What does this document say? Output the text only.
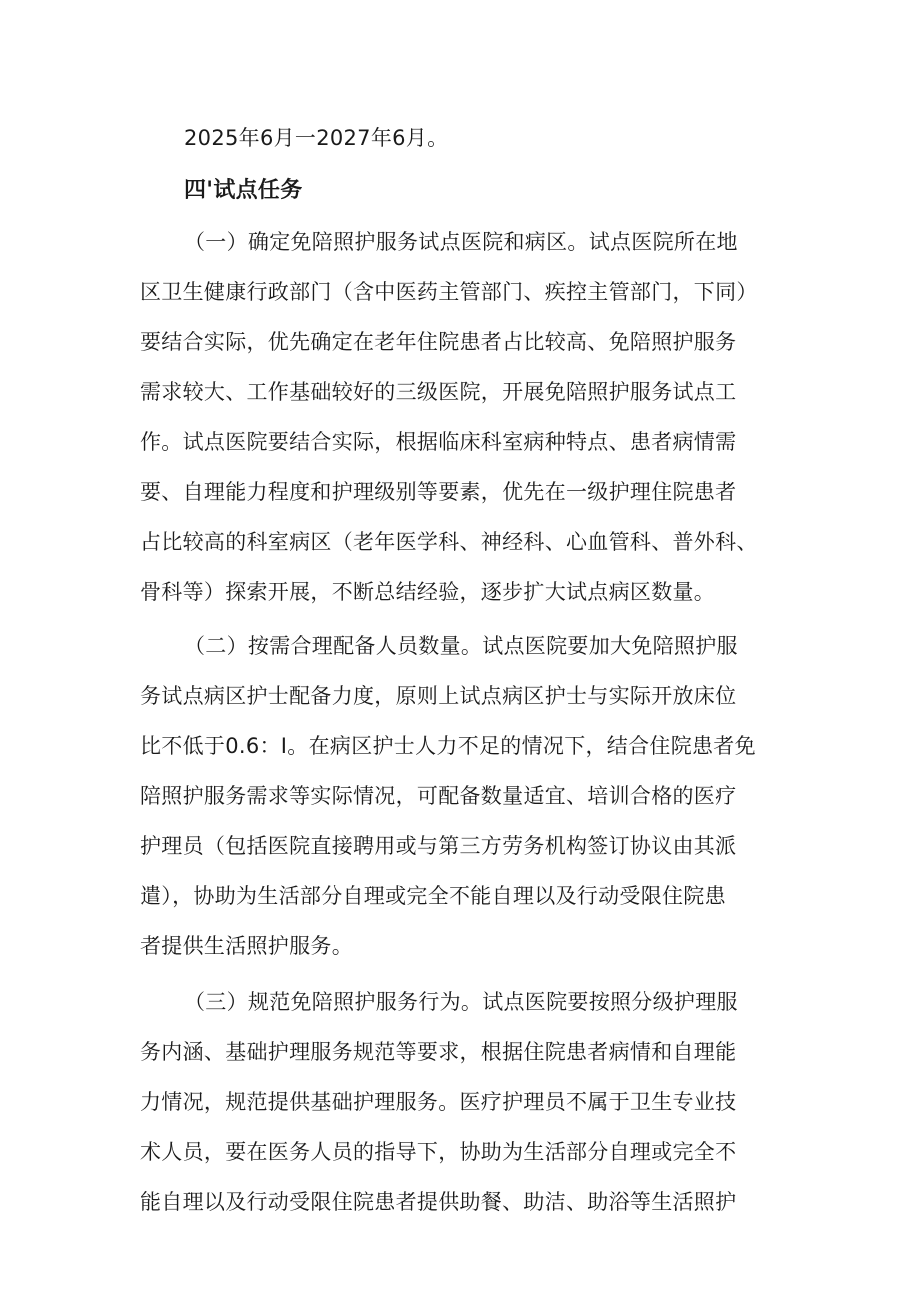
2025年6月一2027年6月。
四'试点任务
（一）确定免陪照护服务试点医院和病区。试点医院所在地
区卫生健康行政部门（含中医药主管部门、疾控主管部门，下同）
要结合实际，优先确定在老年住院患者占比较高、免陪照护服务
需求较大、工作基础较好的三级医院，开展免陪照护服务试点工
作。试点医院要结合实际，根据临床科室病种特点、患者病情需
要、自理能力程度和护理级别等要素，优先在一级护理住院患者
占比较高的科室病区（老年医学科、神经科、心血管科、普外科、
骨科等）探索开展，不断总结经验，逐步扩大试点病区数量。
（二）按需合理配备人员数量。试点医院要加大免陪照护服
务试点病区护士配备力度，原则上试点病区护士与实际开放床位
比不低于0.6：I。在病区护士人力不足的情况下，结合住院患者免
陪照护服务需求等实际情况，可配备数量适宜、培训合格的医疗
护理员（包括医院直接聘用或与第三方劳务机构签订协议由其派
遣），协助为生活部分自理或完全不能自理以及行动受限住院患
者提供生活照护服务。
（三）规范免陪照护服务行为。试点医院要按照分级护理服
务内涵、基础护理服务规范等要求，根据住院患者病情和自理能
力情况，规范提供基础护理服务。医疗护理员不属于卫生专业技
术人员，要在医务人员的指导下，协助为生活部分自理或完全不
能自理以及行动受限住院患者提供助餐、助洁、助浴等生活照护
